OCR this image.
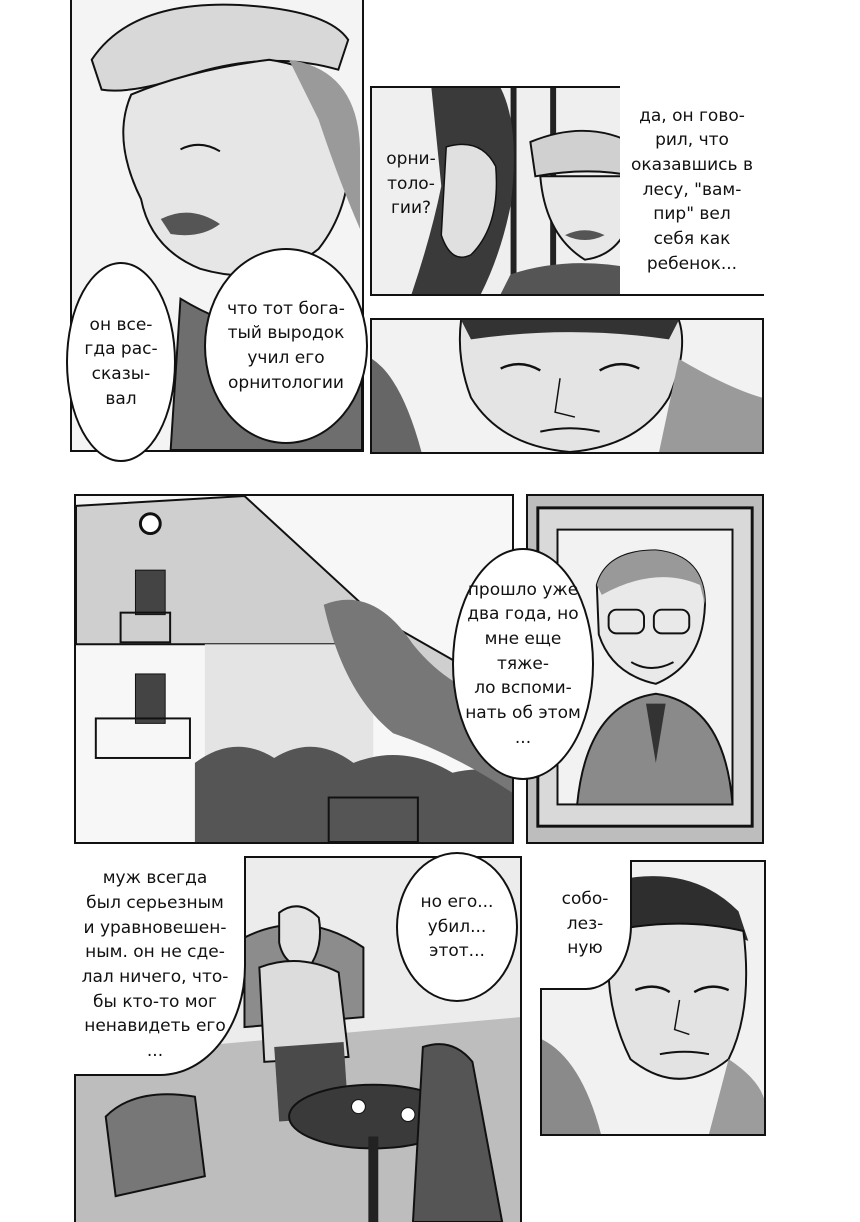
он все-
гда рас-
сказы-
вал
что тот бога-
тый выродок
учил его
орнитологии
орни-
толо-
гии?
да, он гово-
рил, что
оказавшись в
лесу, "вам-
пир" вел
себя как
ребенок...
прошло уже
два года, но
мне еще тяже-
ло вспоми-
нать об этом
...
муж всегда
был серьезным
и уравновешен-
ным. он не сде-
лал ничего, что-
бы кто-то мог
ненавидеть его
...
но его...
убил...
этот...
собо-
лез-
ную
